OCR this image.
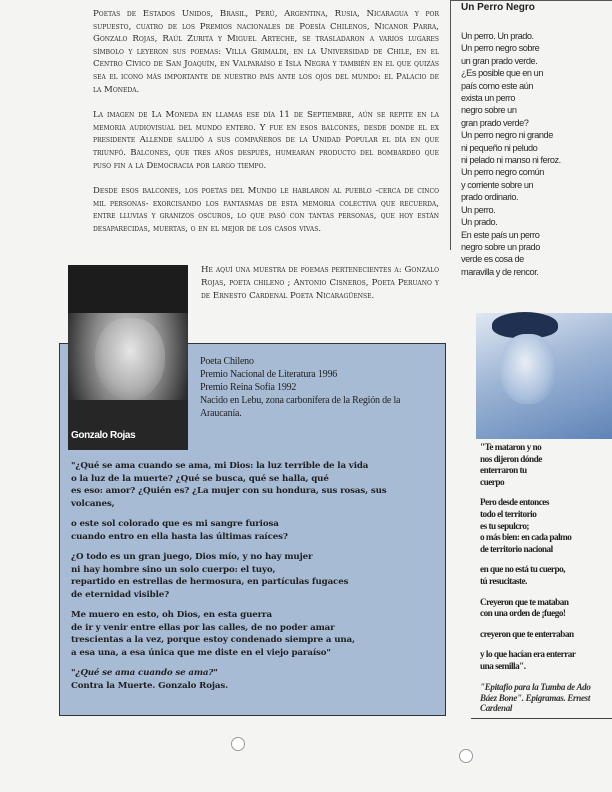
Poetas de Estados Unidos, Brasil, Perú, Argentina, Rusia, Nicaragua y por supuesto, cuatro de los Premios nacionales de Poesía Chilenos, Nicanor Parra, Gonzalo Rojas, Raúl Zurita y Miguel Arteche, se trasladaron a varios lugares símbolo y leyeron sus poemas: Villa Grimaldi, en la Universidad de Chile, en el Centro Cívico de San Joaquín, en Valparaíso e Isla Negra y también en el que quizás sea el icono más importante de nuestro país ante los ojos del mundo: el Palacio de la Moneda.

La imagen de La Moneda en llamas ese día 11 de Septiembre, aún se repite en la memoria audiovisual del mundo entero. Y fue en esos balcones, desde donde el ex presidente Allende saludó a sus compañeros de la Unidad Popular el día en que triunfó. Balcones, que tres años después, humearan producto del bombardeo que puso fin a la Democracia por largo tiempo.

Desde esos balcones, los poetas del Mundo le hablaron al pueblo -cerca de cinco mil personas- exorcisando los fantasmas de esta memoria colectiva que recuerda, entre lluvias y granizos oscuros, lo que pasó con tantas personas, que hoy están desaparecidas, muertas, o en el mejor de los casos vivas.

Un Perro Negro
Un perro. Un prado.
Un perro negro sobre
un gran prado verde.
¿Es posible que en un
país como este aún
exista un perro
negro sobre un
gran prado verde?
Un perro negro ni grande
ni pequeño ni peludo
ni pelado ni manso ni feroz.
Un perro negro común
y corriente sobre un
prado ordinario.
Un perro.
Un prado.
En este país un perro
negro sobre un prado
verde es cosa de
maravilla y de rencor.
Gonzalo Rojas
He aquí una muestra de poemas pertenecientes a: Gonzalo Rojas, poeta chileno ; Antonio Cisneros, Poeta Peruano y de Ernesto Cardenal Poeta Nicaragüense.
Poeta Chileno
Premio Nacional de Literatura 1996
Premio Reina Sofía 1992
Nacido en Lebu, zona carbonífera de la Región de la Araucanía.
"¿Qué se ama cuando se ama, mi Dios: la luz terrible de la vida
o la luz de la muerte? ¿Qué se busca, qué se halla, qué
es eso: amor? ¿Quién es? ¿La mujer con su hondura, sus rosas, sus
volcanes,
o este sol colorado que es mi sangre furiosa
cuando entro en ella hasta las últimas raíces?
¿O todo es un gran juego, Dios mío, y no hay mujer
ni hay hombre sino un solo cuerpo: el tuyo,
repartido en estrellas de hermosura, en partículas fugaces
de eternidad visible?
Me muero en esto, oh Dios, en esta guerra
de ir y venir entre ellas por las calles, de no poder amar
trescientas a la vez, porque estoy condenado siempre a una,
a esa una, a esa única que me diste en el viejo paraíso"
"¿Qué se ama cuando se ama?"
Contra la Muerte. Gonzalo Rojas.
"Te mataron y no
nos dijeron dónde
enterraron tu
cuerpo
Pero desde entonces
todo el territorio
es tu sepulcro;
o más bien: en cada palmo
de territorio nacional
en que no está tu cuerpo,
tú resucitaste.
Creyeron que te mataban
con una orden de ¡fuego!
creyeron que te enterraban
y lo que hacían era enterrar
una semilla".
"Epitafio para la Tumba de Ado
Báez Bone". Epigramas. Ernest
Cardenal
